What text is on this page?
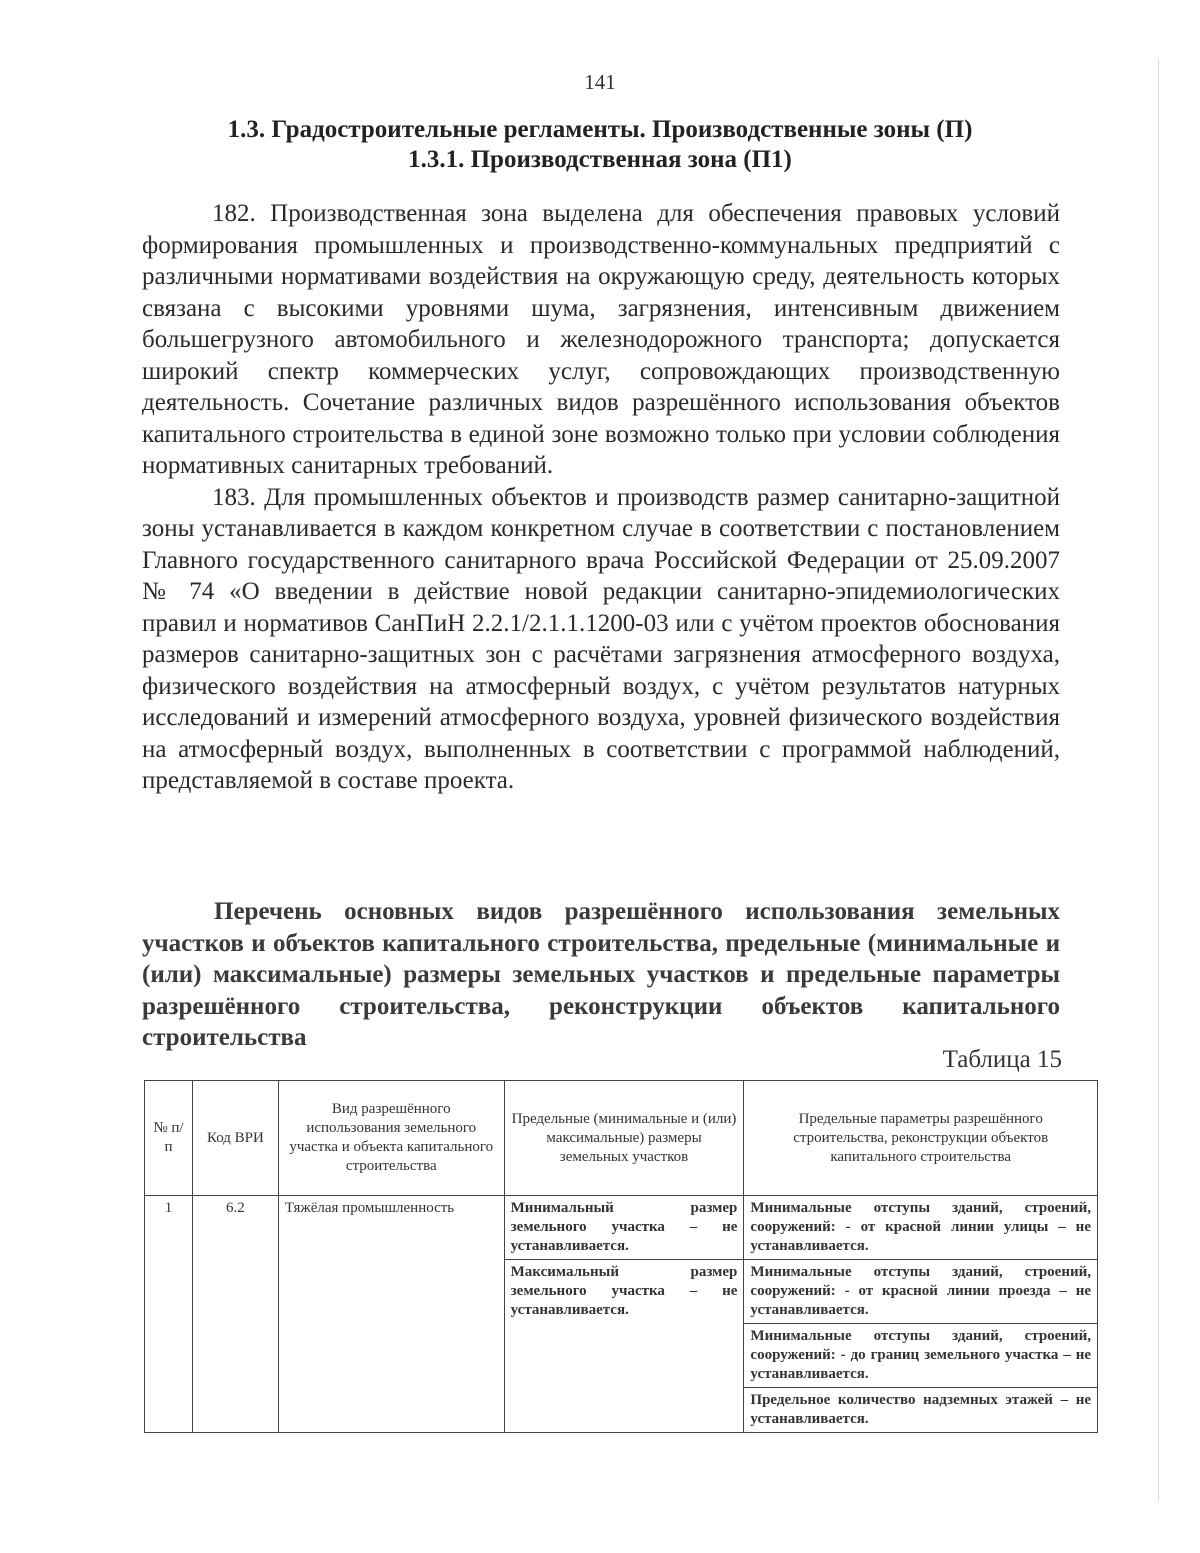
141
1.3. Градостроительные регламенты. Производственные зоны (П)
1.3.1. Производственная зона (П1)

182. Производственная зона выделена для обеспечения правовых условий формирования промышленных и производственно-коммунальных предприятий с различными нормативами воздействия на окружающую среду, деятельность которых связана с высокими уровнями шума, загрязнения, интенсивным движением большегрузного автомобильного и железнодорожного транспорта; допускается широкий спектр коммерческих услуг, сопровождающих производственную деятельность. Сочетание различных видов разрешённого использования объектов капитального строительства в единой зоне возможно только при условии соблюдения нормативных санитарных требований.

183. Для промышленных объектов и производств размер санитарно-защитной зоны устанавливается в каждом конкретном случае в соответствии с постановлением Главного государственного санитарного врача Российской Федерации от 25.09.2007 № 74 «О введении в действие новой редакции санитарно-эпидемиологических правил и нормативов СанПиН 2.2.1/2.1.1.1200-03 или с учётом проектов обоснования размеров санитарно-защитных зон с расчётами загрязнения атмосферного воздуха, физического воздействия на атмосферный воздух, с учётом результатов натурных исследований и измерений атмосферного воздуха, уровней физического воздействия на атмосферный воздух, выполненных в соответствии с программой наблюдений, представляемой в составе проекта.

Перечень основных видов разрешённого использования земельных участков и объектов капитального строительства, предельные (минимальные и (или) максимальные) размеры земельных участков и предельные параметры разрешённого строительства, реконструкции объектов капитального строительства

Таблица 15
№ п/п	Код ВРИ	Вид разрешённого использования земельного участка и объекта капитального строительства	Предельные (минимальные и (или) максимальные) размеры земельных участков	Предельные параметры разрешённого строительства, реконструкции объектов капитального строительства
1	6.2	Тяжёлая промышленность	Минимальный размер земельного участка – не устанавливается.	Минимальные отступы зданий, строений, сооружений: - от красной линии улицы – не устанавливается.
			Максимальный размер земельного участка – не устанавливается.	Минимальные отступы зданий, строений, сооружений: - от красной линии проезда – не устанавливается.
				Минимальные отступы зданий, строений, сооружений: - до границ земельного участка – не устанавливается.
				Предельное количество надземных этажей – не устанавливается.
